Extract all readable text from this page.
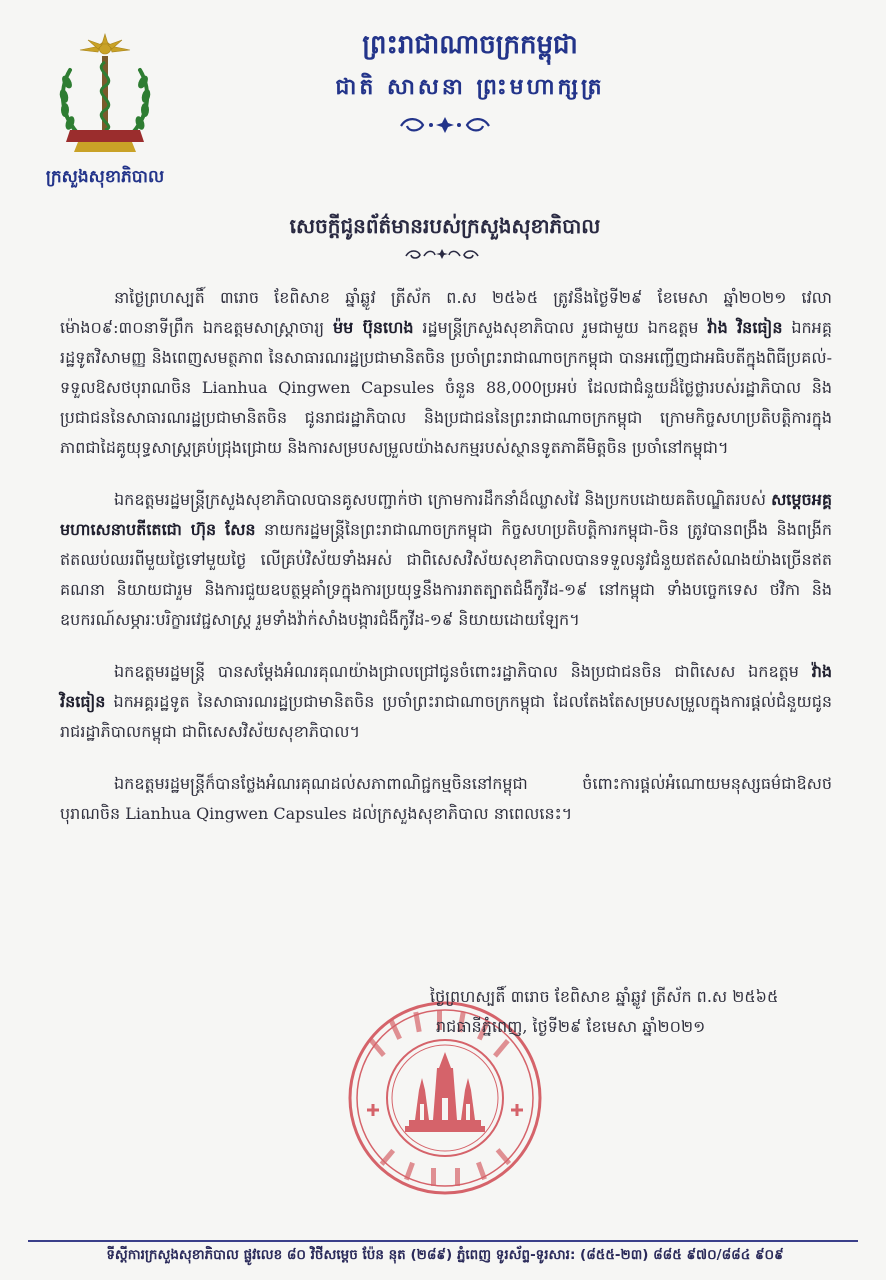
ក្រសួងសុខាភិបាល
ព្រះរាជាណាចក្រកម្ពុជា
ជាតិ សាសនា ព្រះមហាក្សត្រ
សេចក្តីជូនព័ត៌មានរបស់ក្រសួងសុខាភិបាល

នាថ្ងៃព្រហស្បតិ៍ ៣រោច ខែពិសាខ ឆ្នាំឆ្លូវ ត្រីស័ក ព.ស ២៥៦៥ ត្រូវនឹងថ្ងៃទី២៩ ខែមេសា ឆ្នាំ២០២១ វេលាម៉ោង០៩:៣០នាទីព្រឹក ឯកឧត្តមសាស្ត្រាចារ្យ ម៉ម ប៊ុនហេង រដ្ឋមន្ត្រីក្រសួងសុខាភិបាល រួមជាមួយ ឯកឧត្តម វ៉ាង វិនធៀន ឯកអគ្គរដ្ឋទូតវិសាមញ្ញ និងពេញសមត្ថភាព នៃសាធារណរដ្ឋប្រជាមានិតចិន ប្រចាំព្រះរាជាណាចក្រកម្ពុជា បានអញ្ជើញជាអធិបតីក្នុងពិធីប្រគល់-ទទួលឱសថបុរាណចិន Lianhua Qingwen Capsules ចំនួន 88,000ប្រអប់ ដែលជាជំនួយដ៏ថ្លៃថ្លារបស់រដ្ឋាភិបាល និងប្រជាជននៃសាធារណរដ្ឋប្រជាមានិតចិន ជូនរាជរដ្ឋាភិបាល និងប្រជាជននៃព្រះរាជាណាចក្រកម្ពុជា ក្រោមកិច្ចសហប្រតិបត្តិការក្នុងភាពជាដៃគូយុទ្ធសាស្ត្រគ្រប់ជ្រុងជ្រោយ និងការសម្របសម្រួលយ៉ាងសកម្មរបស់ស្ថានទូតភាគីមិត្តចិន ប្រចាំនៅកម្ពុជា។

ឯកឧត្តមរដ្ឋមន្ត្រីក្រសួងសុខាភិបាលបានគូសបញ្ជាក់ថា ក្រោមការដឹកនាំដ៏ឈ្លាសវៃ និងប្រកបដោយគតិបណ្ឌិតរបស់ សម្តេចអគ្គមហាសេនាបតីតេជោ ហ៊ុន សែន នាយករដ្ឋមន្ត្រីនៃព្រះរាជាណាចក្រកម្ពុជា កិច្ចសហប្រតិបត្តិការកម្ពុជា-ចិន ត្រូវបានពង្រឹង និងពង្រីកឥតឈប់ឈរពីមួយថ្ងៃទៅមួយថ្ងៃ លើគ្រប់វិស័យទាំងអស់ ជាពិសេសវិស័យសុខាភិបាលបានទទួលនូវជំនួយឥតសំណងយ៉ាងច្រើនឥតគណនា និយាយជារួម និងការជួយឧបត្ថម្ភគាំទ្រក្នុងការប្រយុទ្ធនឹងការរាតត្បាតជំងឺកូវីដ-១៩ នៅកម្ពុជា ទាំងបច្ចេកទេស ថវិកា និងឧបករណ៍សម្ភារៈបរិក្ខារវេជ្ជសាស្ត្រ រួមទាំងវ៉ាក់សាំងបង្ការជំងឺកូវីដ-១៩ និយាយដោយឡែក។

ឯកឧត្តមរដ្ឋមន្ត្រី បានសម្តែងអំណរគុណយ៉ាងជ្រាលជ្រៅជូនចំពោះរដ្ឋាភិបាល និងប្រជាជនចិន ជាពិសេស ឯកឧត្តម វ៉ាង វិនធៀន ឯកអគ្គរដ្ឋទូត នៃសាធារណរដ្ឋប្រជាមានិតចិន ប្រចាំព្រះរាជាណាចក្រកម្ពុជា ដែលតែងតែសម្របសម្រួលក្នុងការផ្តល់ជំនួយជូនរាជរដ្ឋាភិបាលកម្ពុជា ជាពិសេសវិស័យសុខាភិបាល។

ឯកឧត្តមរដ្ឋមន្ត្រីក៏បានថ្លែងអំណរគុណដល់សភាពាណិជ្ជកម្មចិននៅកម្ពុជា ចំពោះការផ្តល់អំណោយមនុស្សធម៌ជាឱសថបុរាណចិន Lianhua Qingwen Capsules ដល់ក្រសួងសុខាភិបាល នាពេលនេះ។

ថ្ងៃព្រហស្បតិ៍ ៣រោច ខែពិសាខ ឆ្នាំឆ្លូវ ត្រីស័ក ព.ស ២៥៦៥
រាជធានីភ្នំពេញ, ថ្ងៃទី២៩ ខែមេសា ឆ្នាំ២០២១
ទីស្តីការក្រសួងសុខាភិបាល ផ្លូវលេខ ៨០ វិថីសម្តេច ប៉ែន នុត (២៨៩) ភ្នំពេញ ទូរស័ព្ទ-ទូរសារ: (៨៥៥-២៣) ៨៨៥ ៩៧០/៨៨៤ ៩០៩
